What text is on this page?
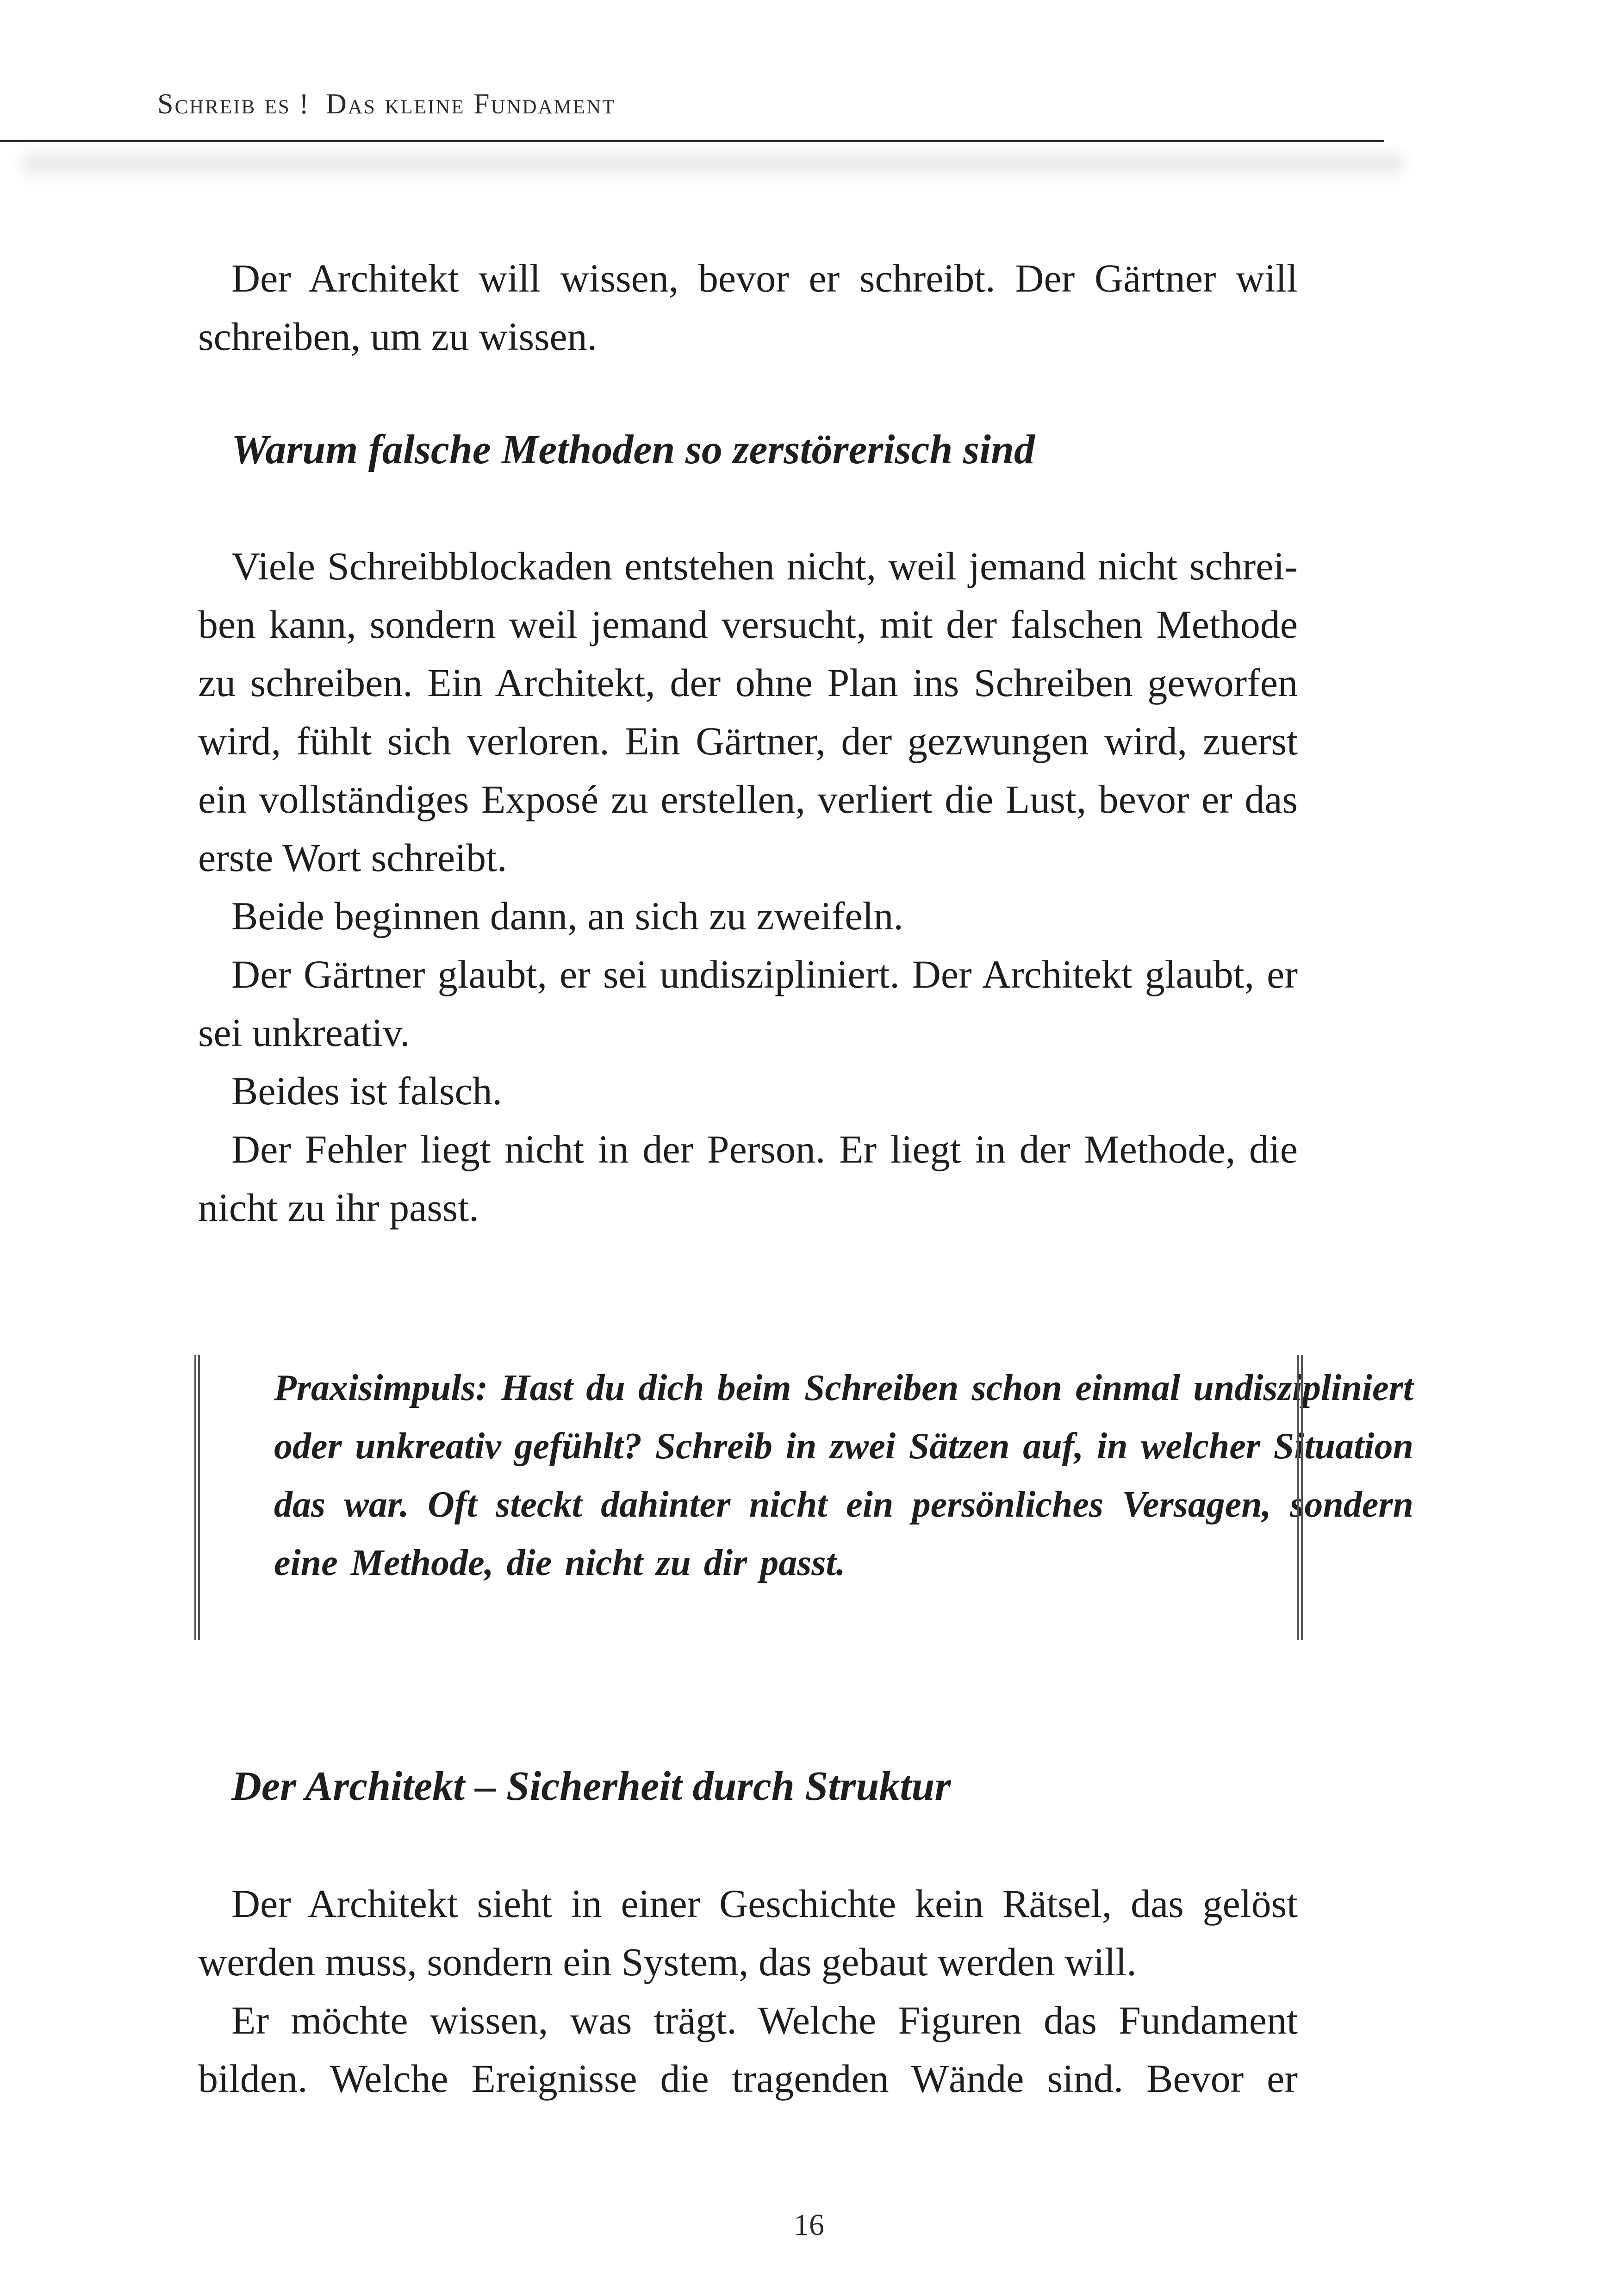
Schreib es ! Das kleine Fundament

Der Architekt will wissen, bevor er schreibt. Der Gärtner will schreiben, um zu wissen.

Warum falsche Methoden so zerstörerisch sind

Viele Schreibblockaden entstehen nicht, weil jemand nicht schreiben kann, sondern weil jemand versucht, mit der falschen Methode zu schreiben. Ein Architekt, der ohne Plan ins Schreiben geworfen wird, fühlt sich verloren. Ein Gärtner, der gezwungen wird, zuerst ein vollständiges Exposé zu erstellen, verliert die Lust, bevor er das erste Wort schreibt.

Beide beginnen dann, an sich zu zweifeln.

Der Gärtner glaubt, er sei undiszipliniert. Der Architekt glaubt, er sei unkreativ.

Beides ist falsch.

Der Fehler liegt nicht in der Person. Er liegt in der Methode, die nicht zu ihr passt.

Praxisimpuls: Hast du dich beim Schreiben schon einmal undiszipliniert oder unkreativ gefühlt? Schreib in zwei Sätzen auf, in welcher Situation das war. Oft steckt dahinter nicht ein persönliches Versagen, sondern eine Methode, die nicht zu dir passt.
Der Architekt – Sicherheit durch Struktur

Der Architekt sieht in einer Geschichte kein Rätsel, das gelöst werden muss, sondern ein System, das gebaut werden will.

Er möchte wissen, was trägt. Welche Figuren das Fundament bilden. Welche Ereignisse die tragenden Wände sind. Bevor er

16
